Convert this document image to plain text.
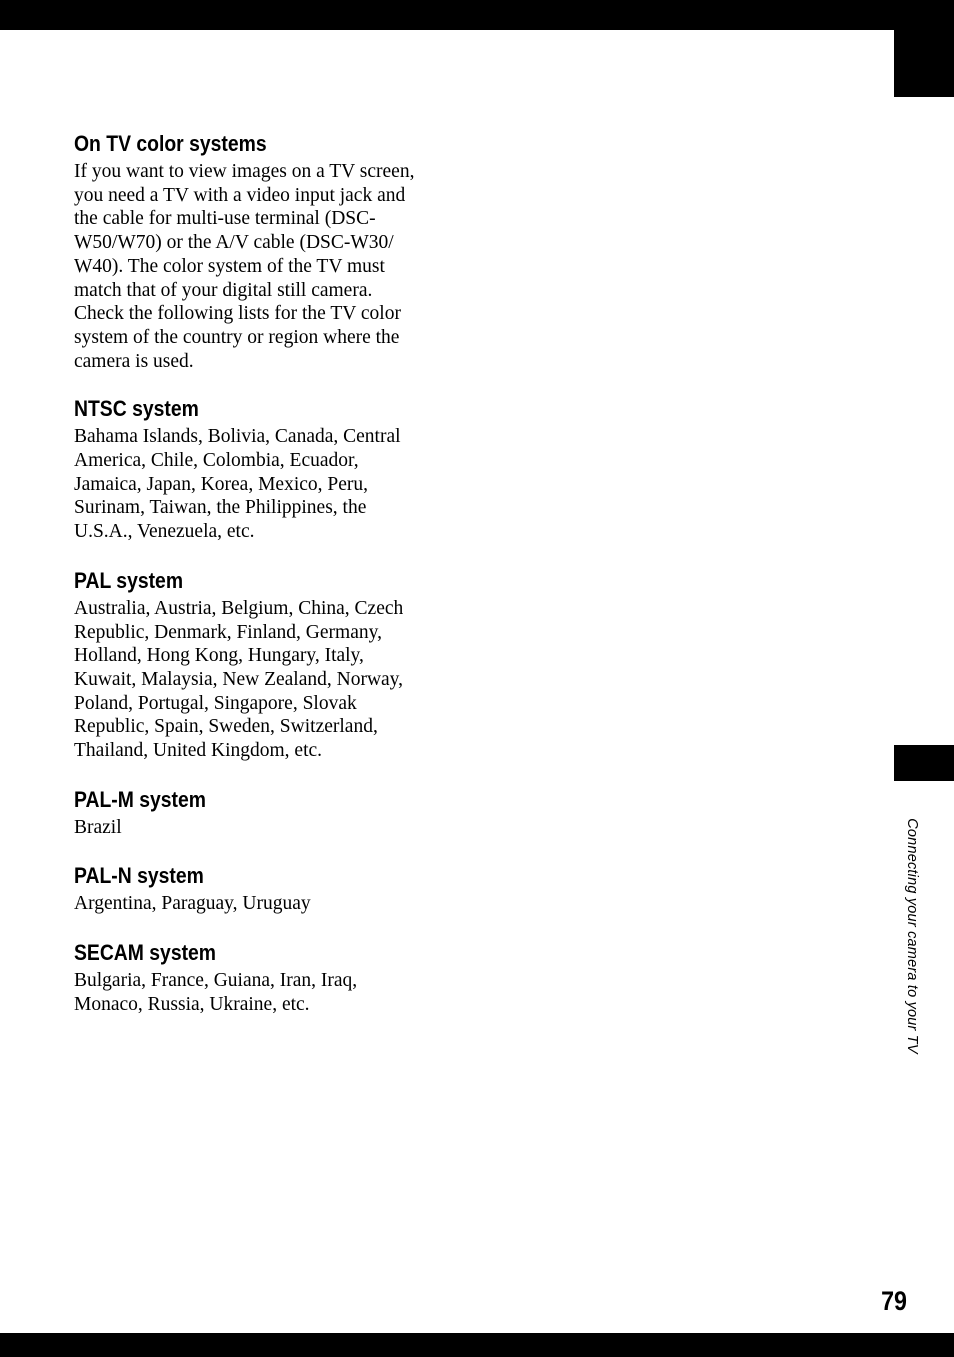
Connecting your camera to your TV
79
On TV color systems

If you want to view images on a TV screen,
you need a TV with a video input jack and
the cable for multi-use terminal (DSC-
W50/W70) or the A/V cable (DSC-W30/
W40). The color system of the TV must
match that of your digital still camera.
Check the following lists for the TV color
system of the country or region where the
camera is used.

NTSC system

Bahama Islands, Bolivia, Canada, Central
America, Chile, Colombia, Ecuador,
Jamaica, Japan, Korea, Mexico, Peru,
Surinam, Taiwan, the Philippines, the
U.S.A., Venezuela, etc.

PAL system

Australia, Austria, Belgium, China, Czech
Republic, Denmark, Finland, Germany,
Holland, Hong Kong, Hungary, Italy,
Kuwait, Malaysia, New Zealand, Norway,
Poland, Portugal, Singapore, Slovak
Republic, Spain, Sweden, Switzerland,
Thailand, United Kingdom, etc.

PAL-M system

Brazil

PAL-N system

Argentina, Paraguay, Uruguay

SECAM system

Bulgaria, France, Guiana, Iran, Iraq,
Monaco, Russia, Ukraine, etc.
